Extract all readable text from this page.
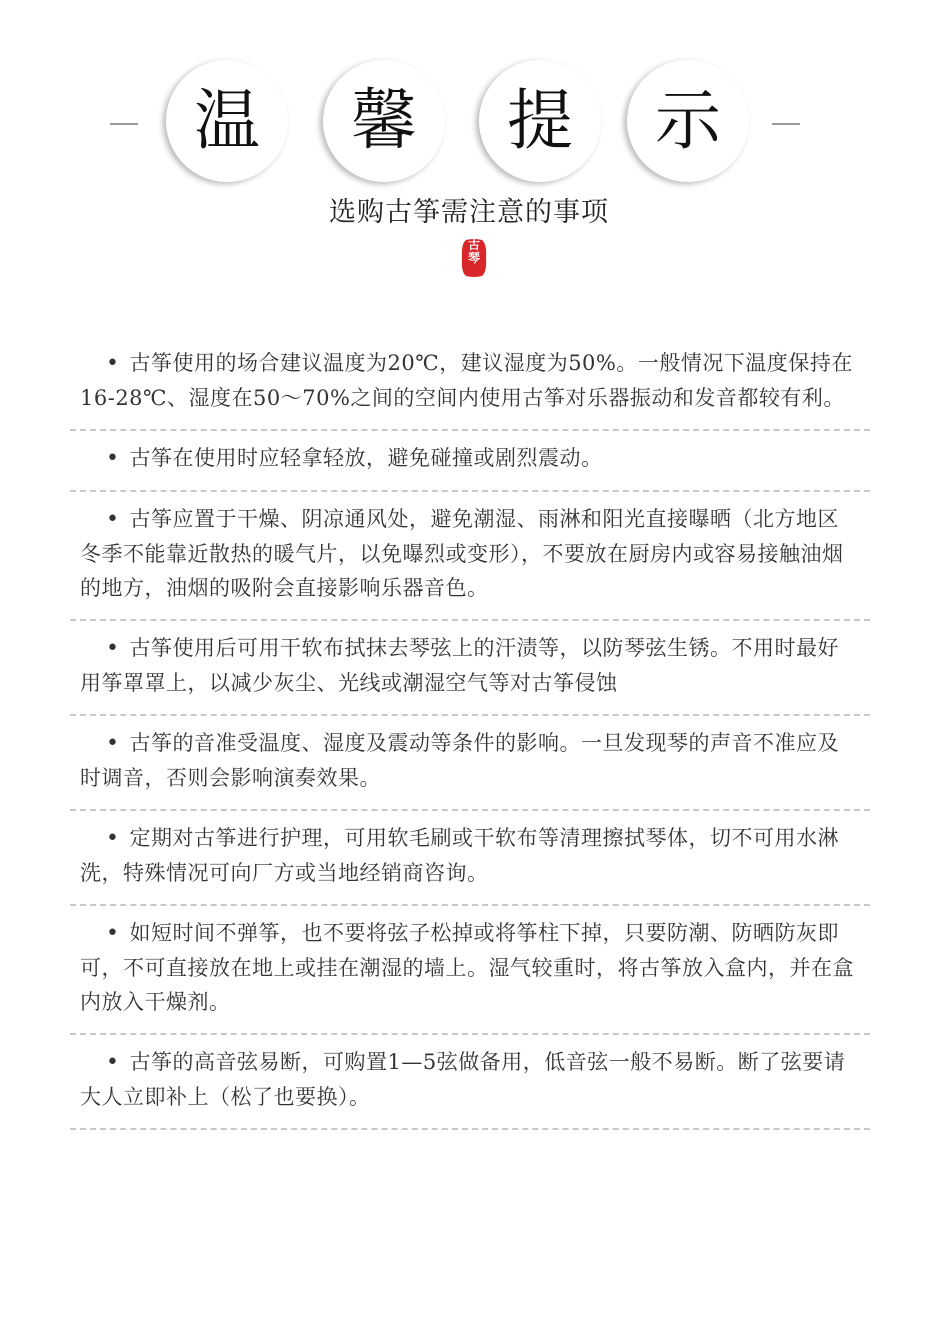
温	馨	提	示
选购古筝需注意的事项
古
琴
• 古筝使用的场合建议温度为20℃，建议湿度为50%。一般情况下温度保持在16-28℃、湿度在50～70%之间的空间内使用古筝对乐器振动和发音都较有利。
• 古筝在使用时应轻拿轻放，避免碰撞或剧烈震动。
• 古筝应置于干燥、阴凉通风处，避免潮湿、雨淋和阳光直接曝晒（北方地区冬季不能靠近散热的暖气片，以免曝烈或变形），不要放在厨房内或容易接触油烟的地方，油烟的吸附会直接影响乐器音色。
• 古筝使用后可用干软布拭抹去琴弦上的汗渍等，以防琴弦生锈。不用时最好用筝罩罩上，以减少灰尘、光线或潮湿空气等对古筝侵蚀
• 古筝的音准受温度、湿度及震动等条件的影响。一旦发现琴的声音不准应及时调音，否则会影响演奏效果。
• 定期对古筝进行护理，可用软毛刷或干软布等清理擦拭琴体，切不可用水淋洗，特殊情况可向厂方或当地经销商咨询。
• 如短时间不弹筝，也不要将弦子松掉或将筝柱下掉，只要防潮、防晒防灰即可，不可直接放在地上或挂在潮湿的墙上。湿气较重时，将古筝放入盒内，并在盒内放入干燥剂。
• 古筝的高音弦易断，可购置1—5弦做备用，低音弦一般不易断。断了弦要请大人立即补上（松了也要换）。
